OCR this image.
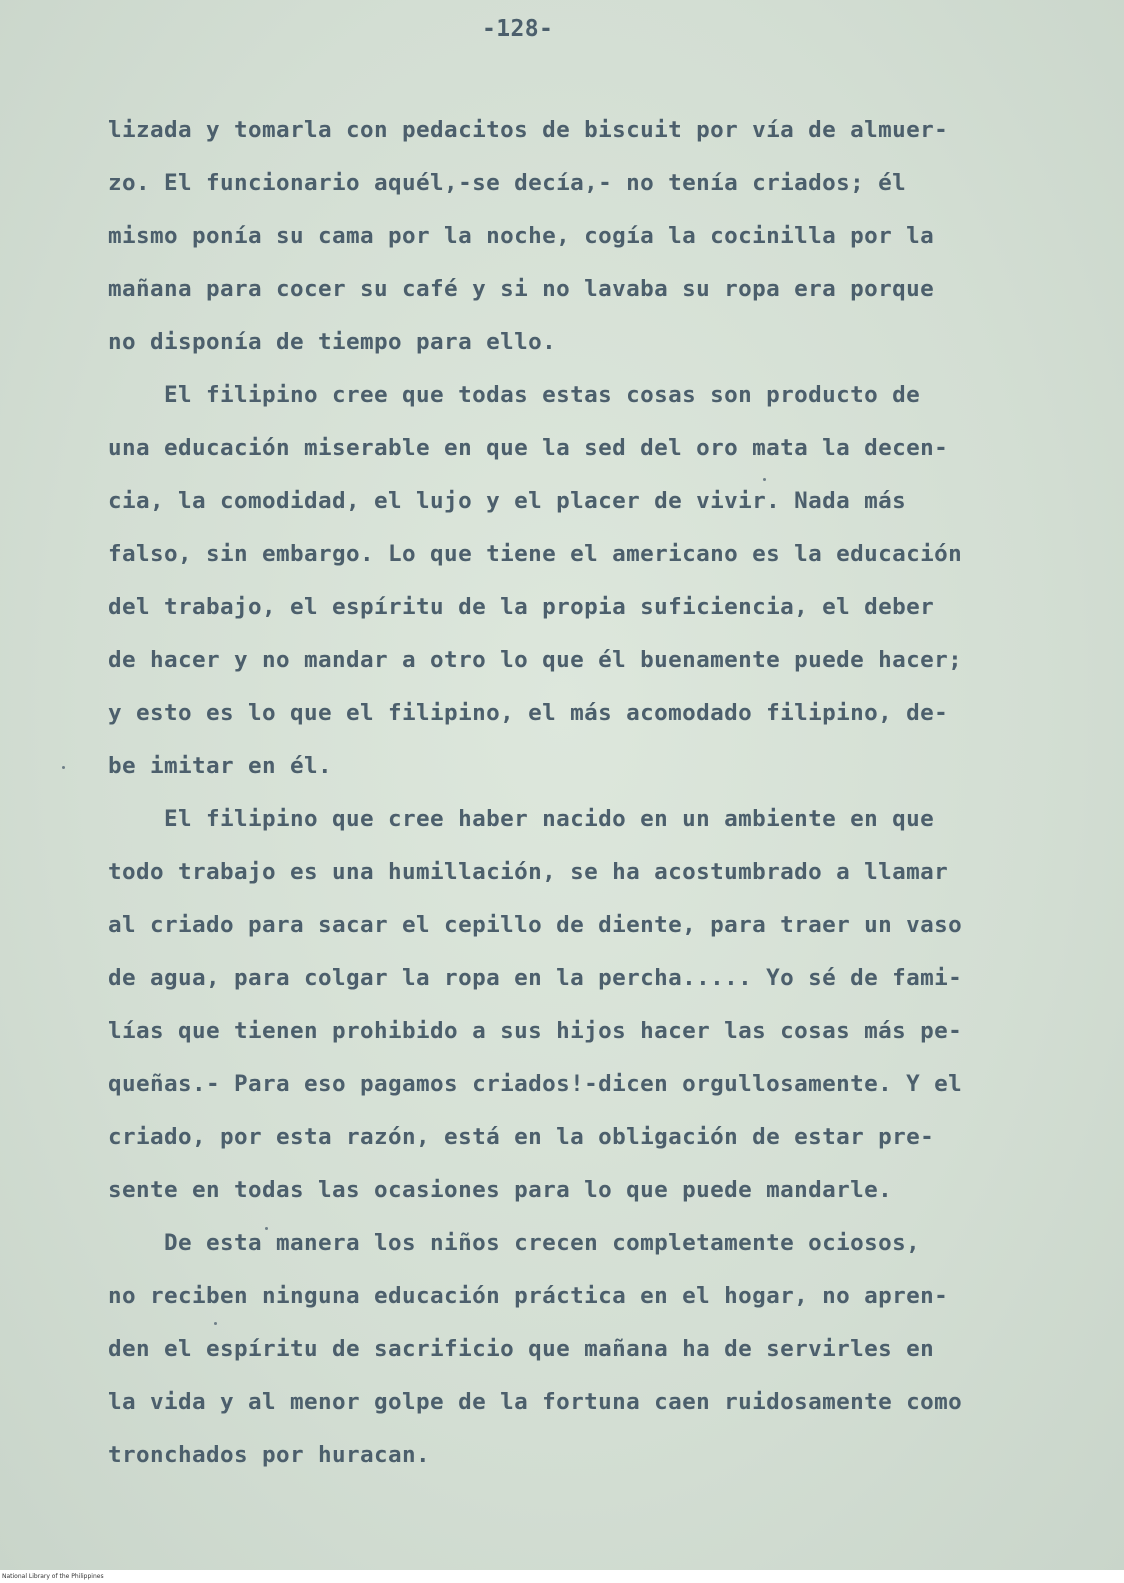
-128-
lizada y tomarla con pedacitos de biscuit por vía de almuer-
zo. El funcionario aquél,-se decía,- no tenía criados; él
mismo ponía su cama por la noche, cogía la cocinilla por la
mañana para cocer su café y si no lavaba su ropa era porque
no disponía de tiempo para ello.
El filipino cree que todas estas cosas son producto de
una educación miserable en que la sed del oro mata la decen-
cia, la comodidad, el lujo y el placer de vivir. Nada más
falso, sin embargo. Lo que tiene el americano es la educación
del trabajo, el espíritu de la propia suficiencia, el deber
de hacer y no mandar a otro lo que él buenamente puede hacer;
y esto es lo que el filipino, el más acomodado filipino, de-
be imitar en él.
El filipino que cree haber nacido en un ambiente en que
todo trabajo es una humillación, se ha acostumbrado a llamar
al criado para sacar el cepillo de diente, para traer un vaso
de agua, para colgar la ropa en la percha..... Yo sé de fami-
lías que tienen prohibido a sus hijos hacer las cosas más pe-
queñas.- Para eso pagamos criados!-dicen orgullosamente. Y el
criado, por esta razón, está en la obligación de estar pre-
sente en todas las ocasiones para lo que puede mandarle.
De esta manera los niños crecen completamente ociosos,
no reciben ninguna educación práctica en el hogar, no apren-
den el espíritu de sacrificio que mañana ha de servirles en
la vida y al menor golpe de la fortuna caen ruidosamente como
tronchados por huracan.
National Library of the Philippines
